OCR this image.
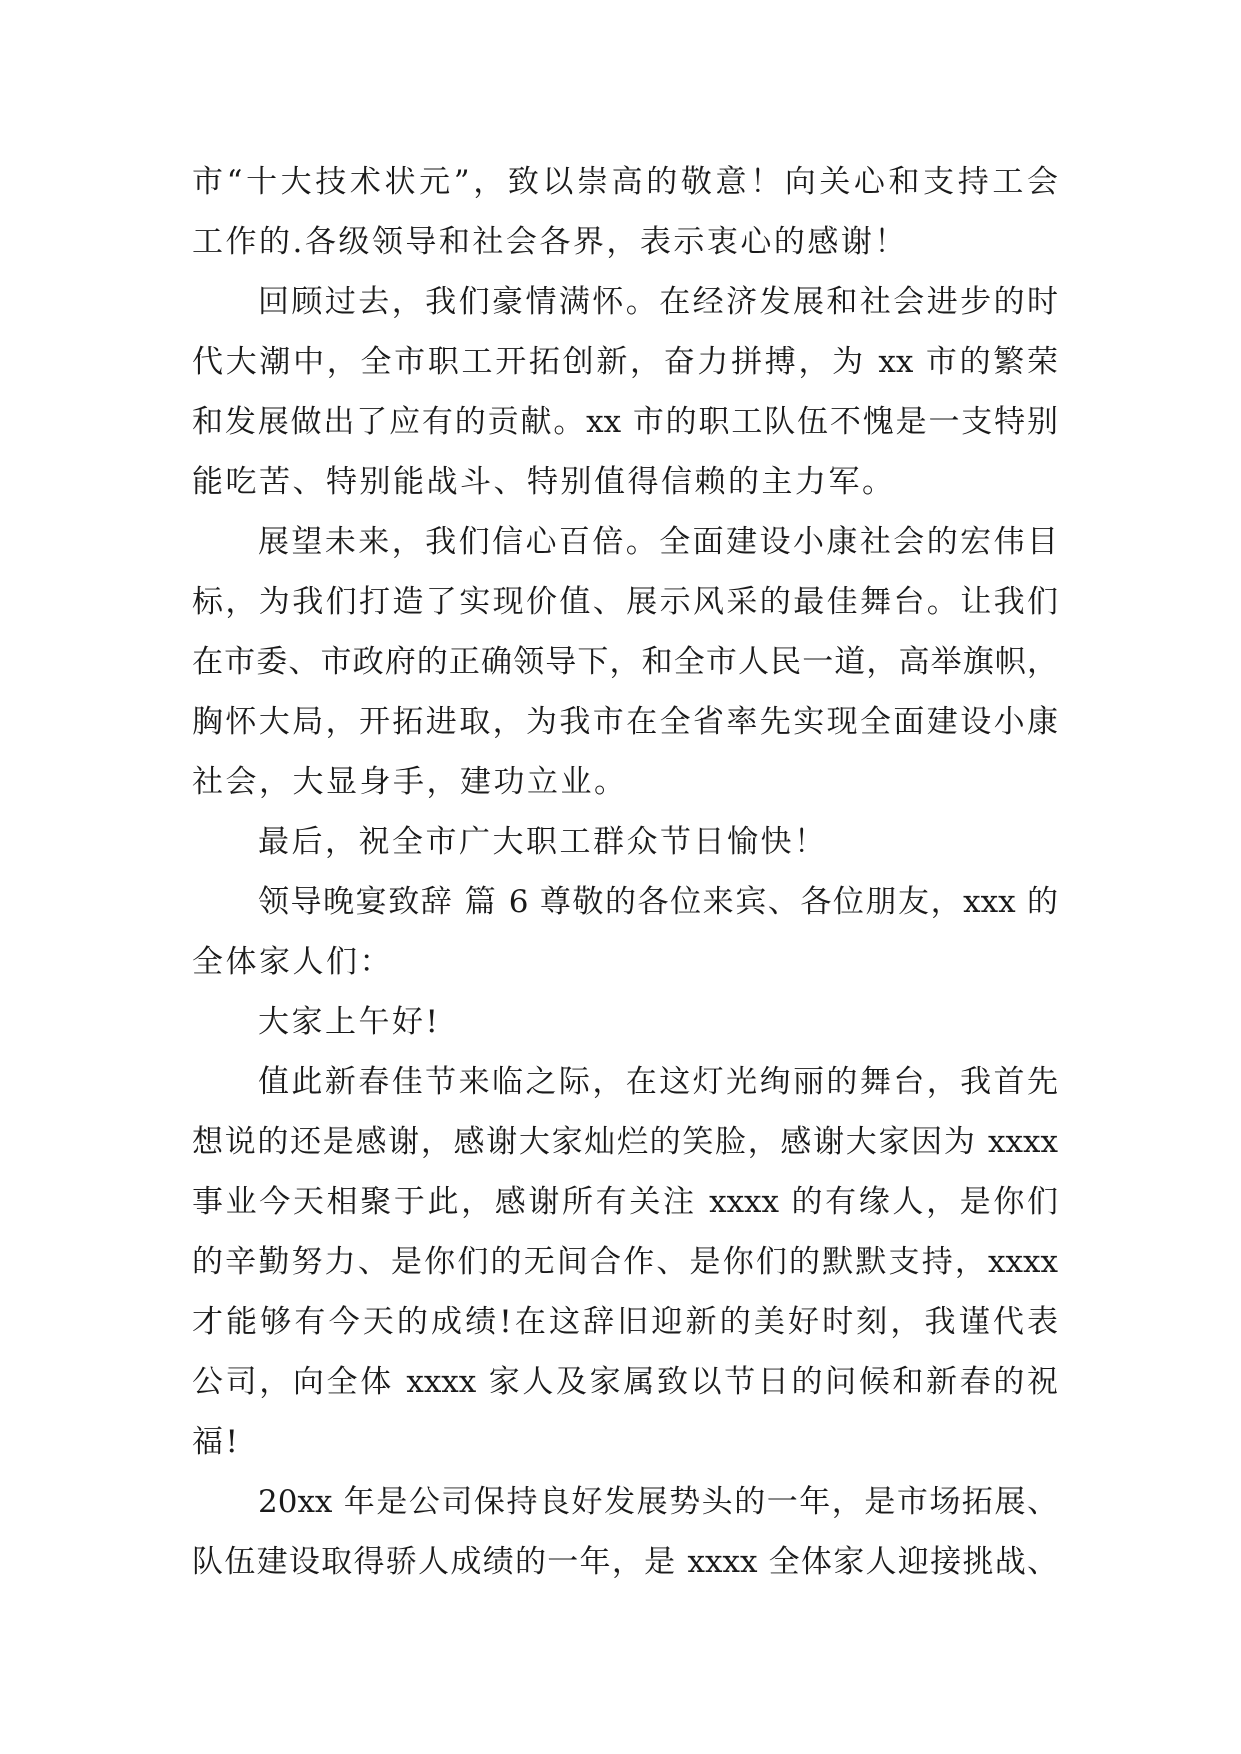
市“十大技术状元”，致以崇高的敬意！向关心和支持工会
工作的.各级领导和社会各界，表示衷心的感谢！
回顾过去，我们豪情满怀。在经济发展和社会进步的时
代大潮中，全市职工开拓创新，奋力拼搏，为 xx 市的繁荣
和发展做出了应有的贡献。xx 市的职工队伍不愧是一支特别
能吃苦、特别能战斗、特别值得信赖的主力军。
展望未来，我们信心百倍。全面建设小康社会的宏伟目
标，为我们打造了实现价值、展示风采的最佳舞台。让我们
在市委、市政府的正确领导下，和全市人民一道，高举旗帜，
胸怀大局，开拓进取，为我市在全省率先实现全面建设小康
社会，大显身手，建功立业。
最后，祝全市广大职工群众节日愉快！
领导晚宴致辞 篇 6 尊敬的各位来宾、各位朋友，xxx 的
全体家人们：
大家上午好!
值此新春佳节来临之际，在这灯光绚丽的舞台，我首先
想说的还是感谢，感谢大家灿烂的笑脸，感谢大家因为 xxxx
事业今天相聚于此，感谢所有关注 xxxx 的有缘人，是你们
的辛勤努力、是你们的无间合作、是你们的默默支持，xxxx
才能够有今天的成绩!在这辞旧迎新的美好时刻，我谨代表
公司，向全体 xxxx 家人及家属致以节日的问候和新春的祝
福!
20xx 年是公司保持良好发展势头的一年，是市场拓展、
队伍建设取得骄人成绩的一年，是 xxxx 全体家人迎接挑战、
